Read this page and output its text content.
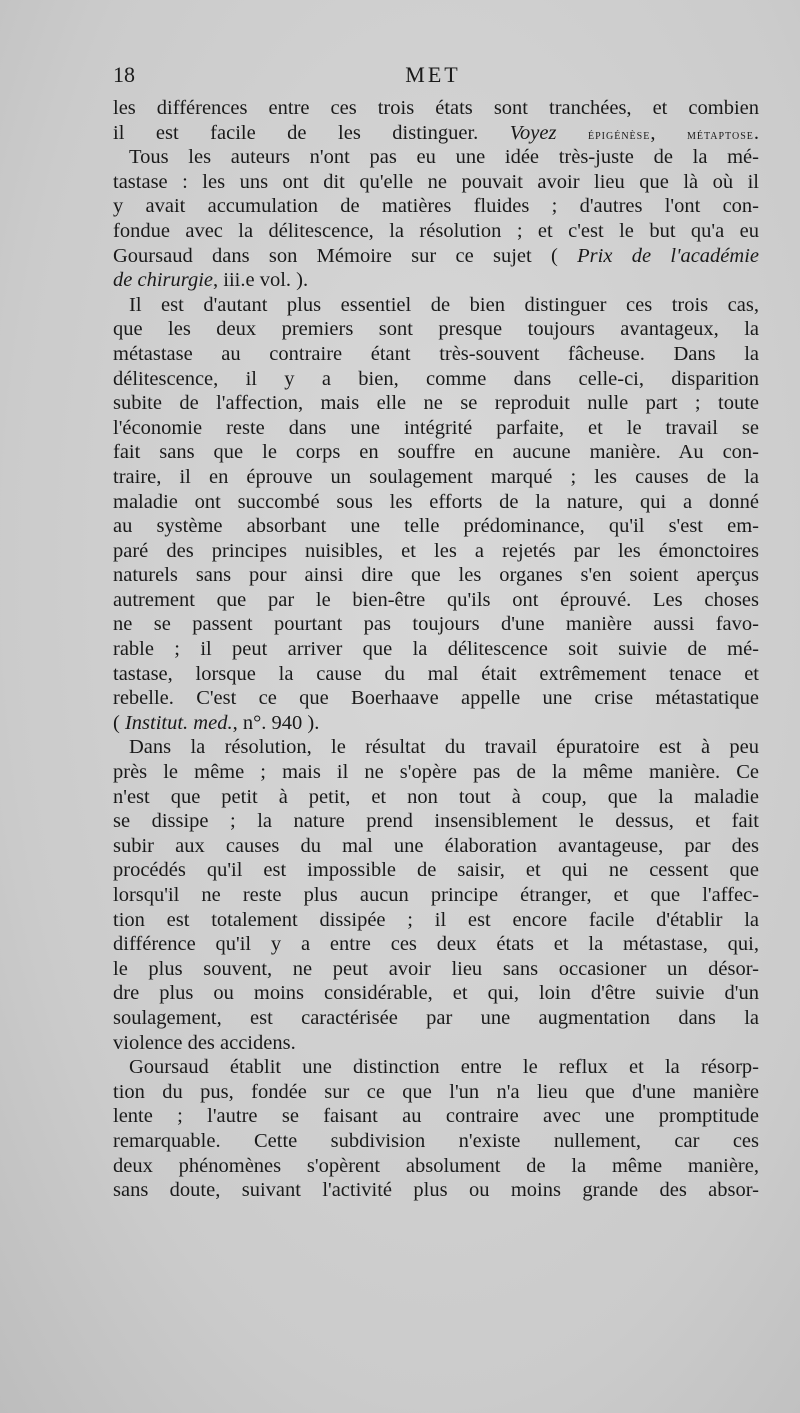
18	MET
les différences entre ces trois états sont tranchées, et combien
il est facile de les distinguer. Voyez épigénèse, métaptose.
Tous les auteurs n'ont pas eu une idée très-juste de la mé-
tastase : les uns ont dit qu'elle ne pouvait avoir lieu que là où il
y avait accumulation de matières fluides ; d'autres l'ont con-
fondue avec la délitescence, la résolution ; et c'est le but qu'a eu
Goursaud dans son Mémoire sur ce sujet ( Prix de l'académie
de chirurgie, iii.e vol. ).
Il est d'autant plus essentiel de bien distinguer ces trois cas,
que les deux premiers sont presque toujours avantageux, la
métastase au contraire étant très-souvent fâcheuse. Dans la
délitescence, il y a bien, comme dans celle-ci, disparition
subite de l'affection, mais elle ne se reproduit nulle part ; toute
l'économie reste dans une intégrité parfaite, et le travail se
fait sans que le corps en souffre en aucune manière. Au con-
traire, il en éprouve un soulagement marqué ; les causes de la
maladie ont succombé sous les efforts de la nature, qui a donné
au système absorbant une telle prédominance, qu'il s'est em-
paré des principes nuisibles, et les a rejetés par les émonctoires
naturels sans pour ainsi dire que les organes s'en soient aperçus
autrement que par le bien-être qu'ils ont éprouvé. Les choses
ne se passent pourtant pas toujours d'une manière aussi favo-
rable ; il peut arriver que la délitescence soit suivie de mé-
tastase, lorsque la cause du mal était extrêmement tenace et
rebelle. C'est ce que Boerhaave appelle une crise métastatique
( Institut. med., n°. 940 ).
Dans la résolution, le résultat du travail épuratoire est à peu
près le même ; mais il ne s'opère pas de la même manière. Ce
n'est que petit à petit, et non tout à coup, que la maladie
se dissipe ; la nature prend insensiblement le dessus, et fait
subir aux causes du mal une élaboration avantageuse, par des
procédés qu'il est impossible de saisir, et qui ne cessent que
lorsqu'il ne reste plus aucun principe étranger, et que l'affec-
tion est totalement dissipée ; il est encore facile d'établir la
différence qu'il y a entre ces deux états et la métastase, qui,
le plus souvent, ne peut avoir lieu sans occasioner un désor-
dre plus ou moins considérable, et qui, loin d'être suivie d'un
soulagement, est caractérisée par une augmentation dans la
violence des accidens.
Goursaud établit une distinction entre le reflux et la résorp-
tion du pus, fondée sur ce que l'un n'a lieu que d'une manière
lente ; l'autre se faisant au contraire avec une promptitude
remarquable. Cette subdivision n'existe nullement, car ces
deux phénomènes s'opèrent absolument de la même manière,
sans doute, suivant l'activité plus ou moins grande des absor-
